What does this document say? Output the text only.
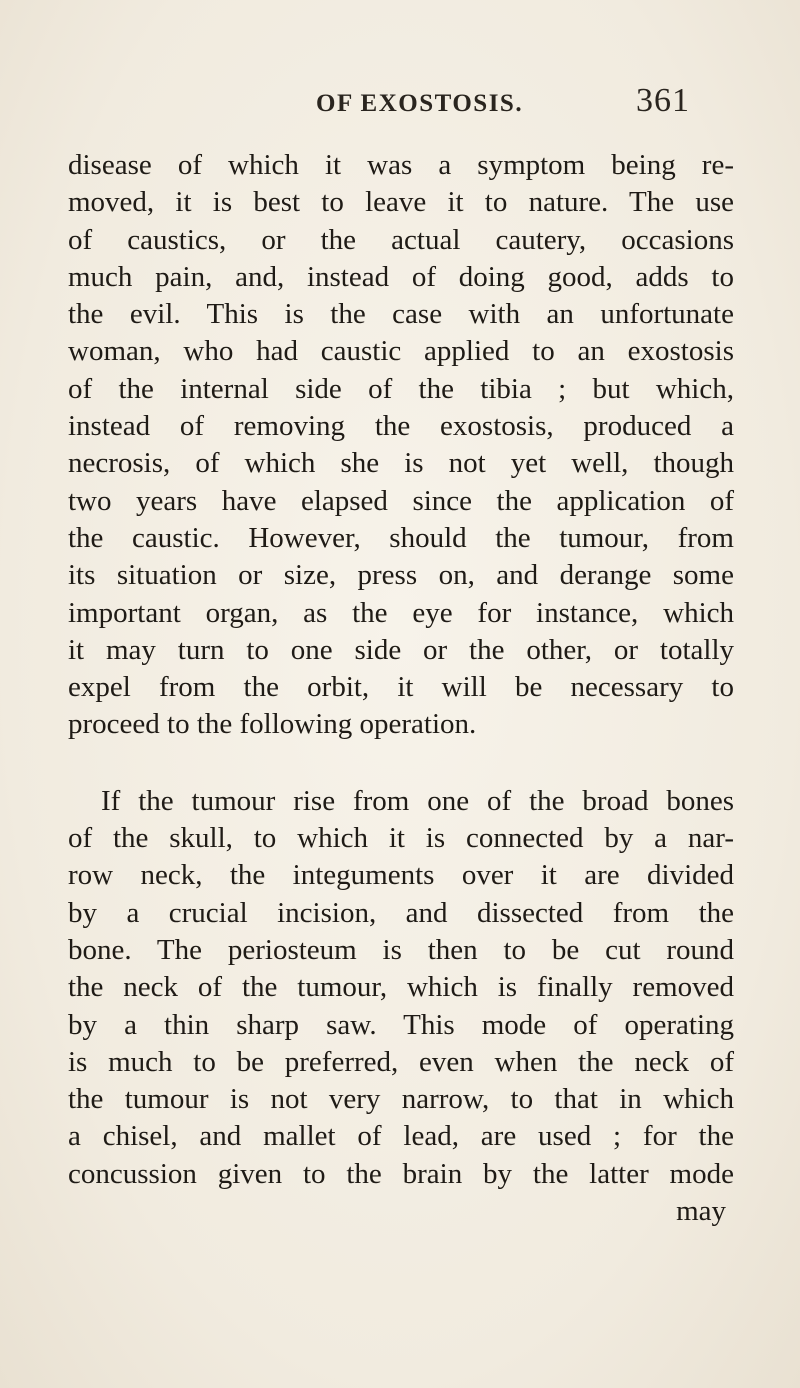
OF EXOSTOSIS.	361
disease of which it was a symptom being re-
moved, it is best to leave it to nature. The use
of caustics, or the actual cautery, occasions
much pain, and, instead of doing good, adds to
the evil. This is the case with an unfortunate
woman, who had caustic applied to an exostosis
of the internal side of the tibia ; but which,
instead of removing the exostosis, produced a
necrosis, of which she is not yet well, though
two years have elapsed since the application of
the caustic. However, should the tumour, from
its situation or size, press on, and derange some
important organ, as the eye for instance, which
it may turn to one side or the other, or totally
expel from the orbit, it will be necessary to
proceed to the following operation.
If the tumour rise from one of the broad bones
of the skull, to which it is connected by a nar-
row neck, the integuments over it are divided
by a crucial incision, and dissected from the
bone. The periosteum is then to be cut round
the neck of the tumour, which is finally removed
by a thin sharp saw. This mode of operating
is much to be preferred, even when the neck of
the tumour is not very narrow, to that in which
a chisel, and mallet of lead, are used ; for the
concussion given to the brain by the latter mode
may
